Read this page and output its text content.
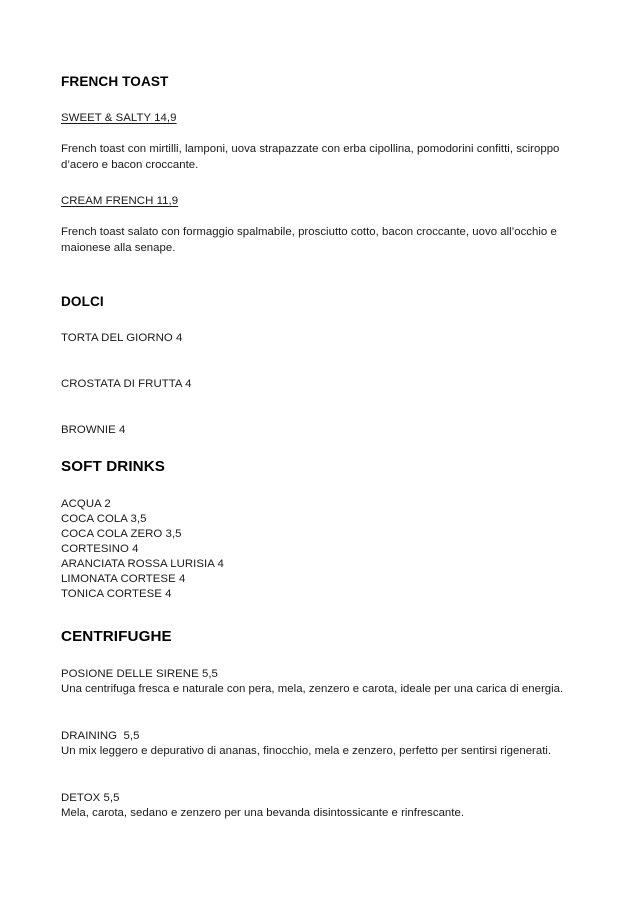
FRENCH TOAST

SWEET & SALTY 14,9

French toast con mirtilli, lamponi, uova strapazzate con erba cipollina, pomodorini confitti, sciroppo d’acero e bacon croccante.

CREAM FRENCH 11,9

French toast salato con formaggio spalmabile, prosciutto cotto, bacon croccante, uovo all’occhio e maionese alla senape.

DOLCI

TORTA DEL GIORNO 4

CROSTATA DI FRUTTA 4

BROWNIE 4

SOFT DRINKS

ACQUA 2

COCA COLA 3,5

COCA COLA ZERO 3,5

CORTESINO 4

ARANCIATA ROSSA LURISIA 4

LIMONATA CORTESE 4

TONICA CORTESE 4

CENTRIFUGHE

POSIONE DELLE SIRENE 5,5

Una centrifuga fresca e naturale con pera, mela, zenzero e carota, ideale per una carica di energia.

DRAINING  5,5

Un mix leggero e depurativo di ananas, finocchio, mela e zenzero, perfetto per sentirsi rigenerati.

DETOX 5,5

Mela, carota, sedano e zenzero per una bevanda disintossicante e rinfrescante.
